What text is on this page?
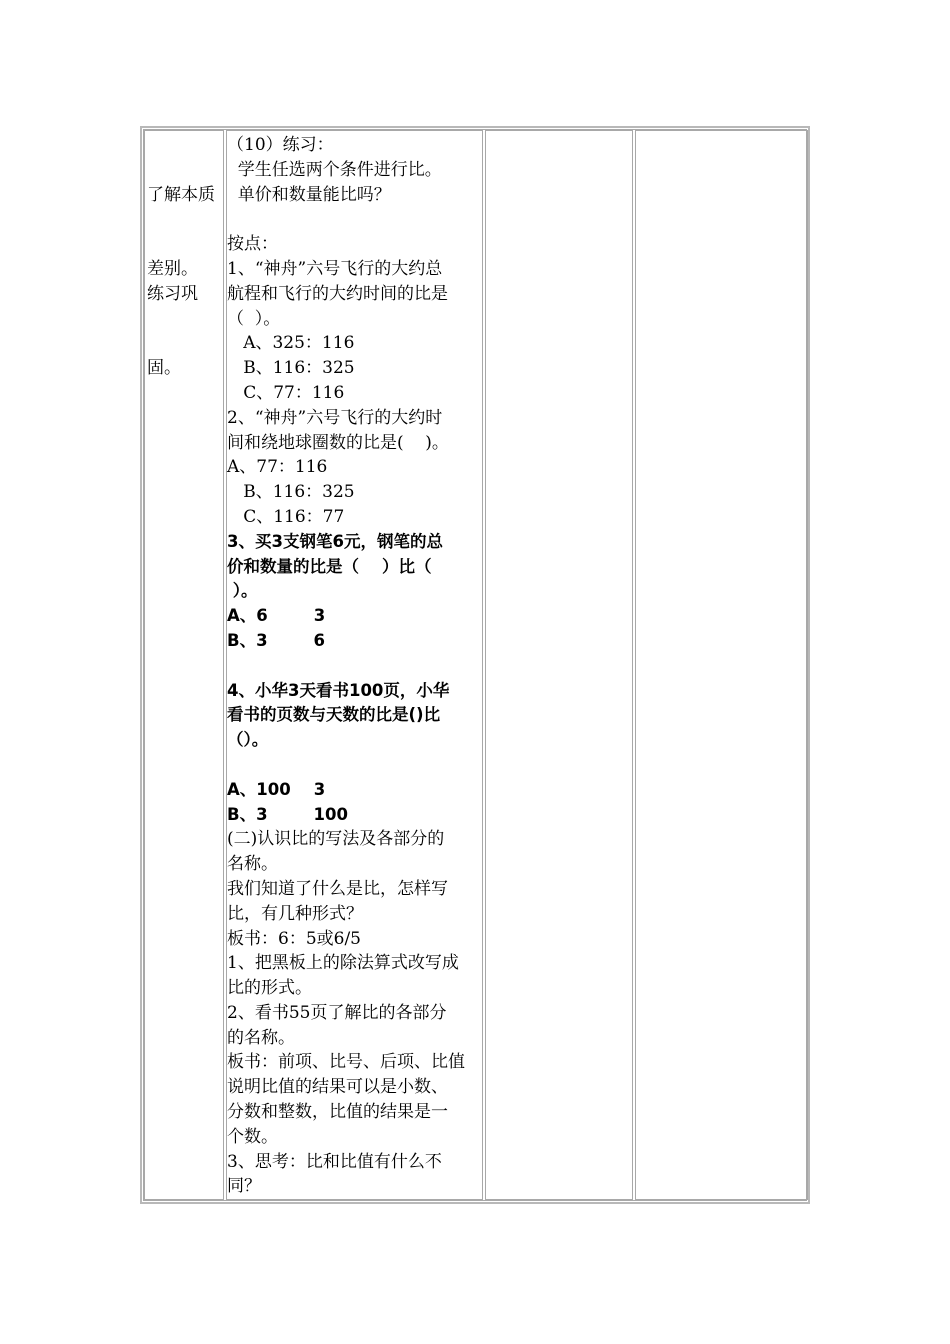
了解本质

差别。

练习巩

固。

（10）练习：
学生任选两个条件进行比。
单价和数量能比吗？
按点：
1、“神舟”六号飞行的大约总
航程和飞行的大约时间的比是
（  ）。
A、325：116
B、116：325
C、77：116
2、“神舟”六号飞行的大约时
间和绕地球圈数的比是(    )。
A、77：116
B、116：325
C、116：77
3、买3支钢笔6元，钢笔的总
价和数量的比是（    ）比（
）。
A、6        3
B、3        6
4、小华3天看书100页，小华
看书的页数与天数的比是()比
（）。
A、100    3
B、3        100
(二)认识比的写法及各部分的
名称。
我们知道了什么是比，怎样写
比，有几种形式？
板书：6：5或6/5
1、把黑板上的除法算式改写成
比的形式。
2、看书55页了解比的各部分
的名称。
板书：前项、比号、后项、比值
说明比值的结果可以是小数、
分数和整数，比值的结果是一
个数。
3、思考：比和比值有什么不
同？
